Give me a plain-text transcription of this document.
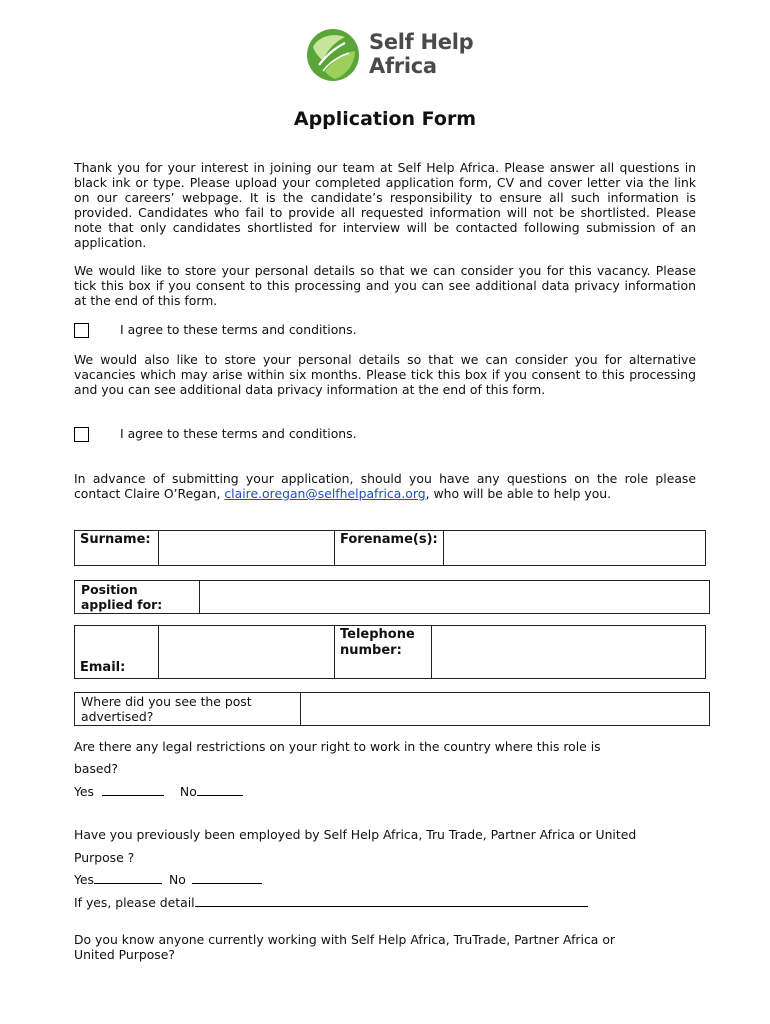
Self Help
Africa
Application Form
Thank you for your interest in joining our team at Self Help Africa. Please answer all questions in black ink or type. Please upload your completed application form, CV and cover letter via the link on our careers’ webpage. It is the candidate’s responsibility to ensure all such information is provided. Candidates who fail to provide all requested information will not be shortlisted. Please note that only candidates shortlisted for interview will be contacted following submission of an application.
We would like to store your personal details so that we can consider you for this vacancy. Please tick this box if you consent to this processing and you can see additional data privacy information at the end of this form.
I agree to these terms and conditions.
We would also like to store your personal details so that we can consider you for alternative vacancies which may arise within six months. Please tick this box if you consent to this processing and you can see additional data privacy information at the end of this form.
I agree to these terms and conditions.
In advance of submitting your application, should you have any questions on the role please contact Claire O’Regan, claire.oregan@selfhelpafrica.org, who will be able to help you.
Surname:		Forename(s):	
Position applied for:	
Email:		Telephone number:	
Where did you see the post advertised?	
Are there any legal restrictions on your right to work in the country where this role is
based?
Yes	No
Have you previously been employed by Self Help Africa, Tru Trade, Partner Africa or United
Purpose ?
Yes	No
If yes, please detail
Do you know anyone currently working with Self Help Africa, TruTrade, Partner Africa or
United Purpose?
